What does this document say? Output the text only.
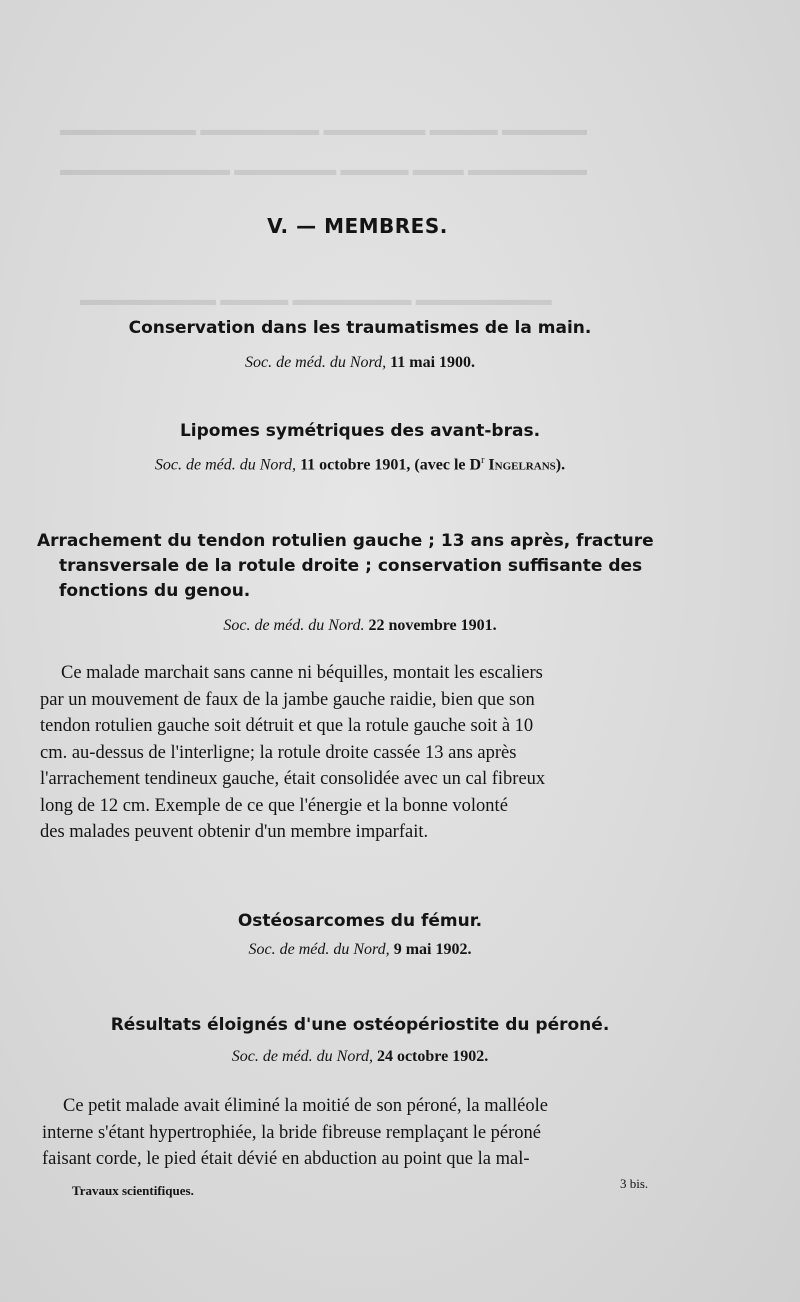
▬▬▬▬▬ ▬▬▬▬ ▬▬▬▬▬▬ ▬▬▬▬▬▬▬ ▬▬▬▬▬▬▬▬
▬▬▬▬▬▬▬ ▬▬▬ ▬▬▬▬ ▬▬▬▬▬▬ ▬▬▬▬▬▬▬▬▬▬
▬▬▬▬▬▬▬▬ ▬▬▬▬▬▬▬ ▬▬▬▬ ▬▬▬▬▬▬▬▬
V. — MEMBRES.
Conservation dans les traumatismes de la main.
Soc. de méd. du Nord, 11 mai 1900.
Lipomes symétriques des avant-bras.
Soc. de méd. du Nord, 11 octobre 1901, (avec le $D^r$ Ingelrans).
Arrachement du tendon rotulien gauche ; 13 ans après, fracture
transversale de la rotule droite ; conservation suffisante des
fonctions du genou.
Soc. de méd. du Nord. 22 novembre 1901.
Ce malade marchait sans canne ni béquilles, montait les escaliers
par un mouvement de faux de la jambe gauche raidie, bien que son
tendon rotulien gauche soit détruit et que la rotule gauche soit à 10
cm. au-dessus de l'interligne; la rotule droite cassée 13 ans après
l'arrachement tendineux gauche, était consolidée avec un cal fibreux
long de 12 cm. Exemple de ce que l'énergie et la bonne volonté
des malades peuvent obtenir d'un membre imparfait.
Ostéosarcomes du fémur.
Soc. de méd. du Nord, 9 mai 1902.
Résultats éloignés d'une ostéopériostite du péroné.
Soc. de méd. du Nord, 24 octobre 1902.
Ce petit malade avait éliminé la moitié de son péroné, la malléole
interne s'étant hypertrophiée, la bride fibreuse remplaçant le péroné
faisant corde, le pied était dévié en abduction au point que la mal-
Travaux scientifiques.	3 bis.
